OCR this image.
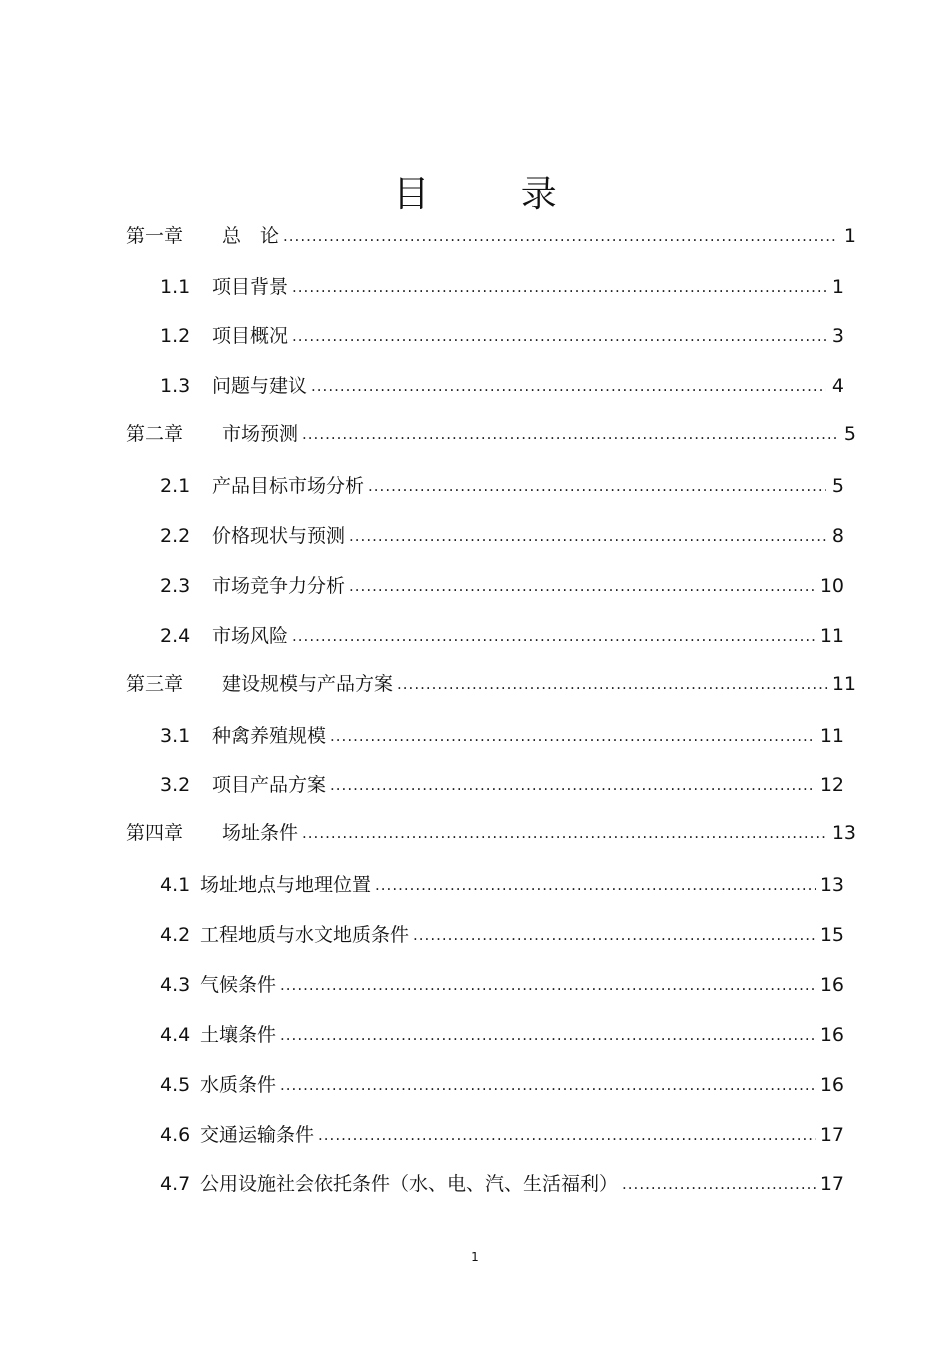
目 录
第一章	总　论 .....	1
1.1	项目背景 .....	1
1.2	项目概况 .....	3
1.3	问题与建议 .....	4
第二章	市场预测 .....	5
2.1	产品目标市场分析 .....	5
2.2	价格现状与预测 .....	8
2.3	市场竞争力分析 .....	10
2.4	市场风险 .....	11
第三章	建设规模与产品方案 .....	11
3.1	种禽养殖规模 .....	11
3.2	项目产品方案 .....	12
第四章	场址条件 .....	13
4.1 场址地点与地理位置 .....	13
4.2 工程地质与水文地质条件 .....	15
4.3 气候条件 .....	16
4.4 土壤条件 .....	16
4.5 水质条件 .....	16
4.6 交通运输条件 .....	17
4.7 公用设施社会依托条件（水、电、汽、生活福利） .....	17
1
